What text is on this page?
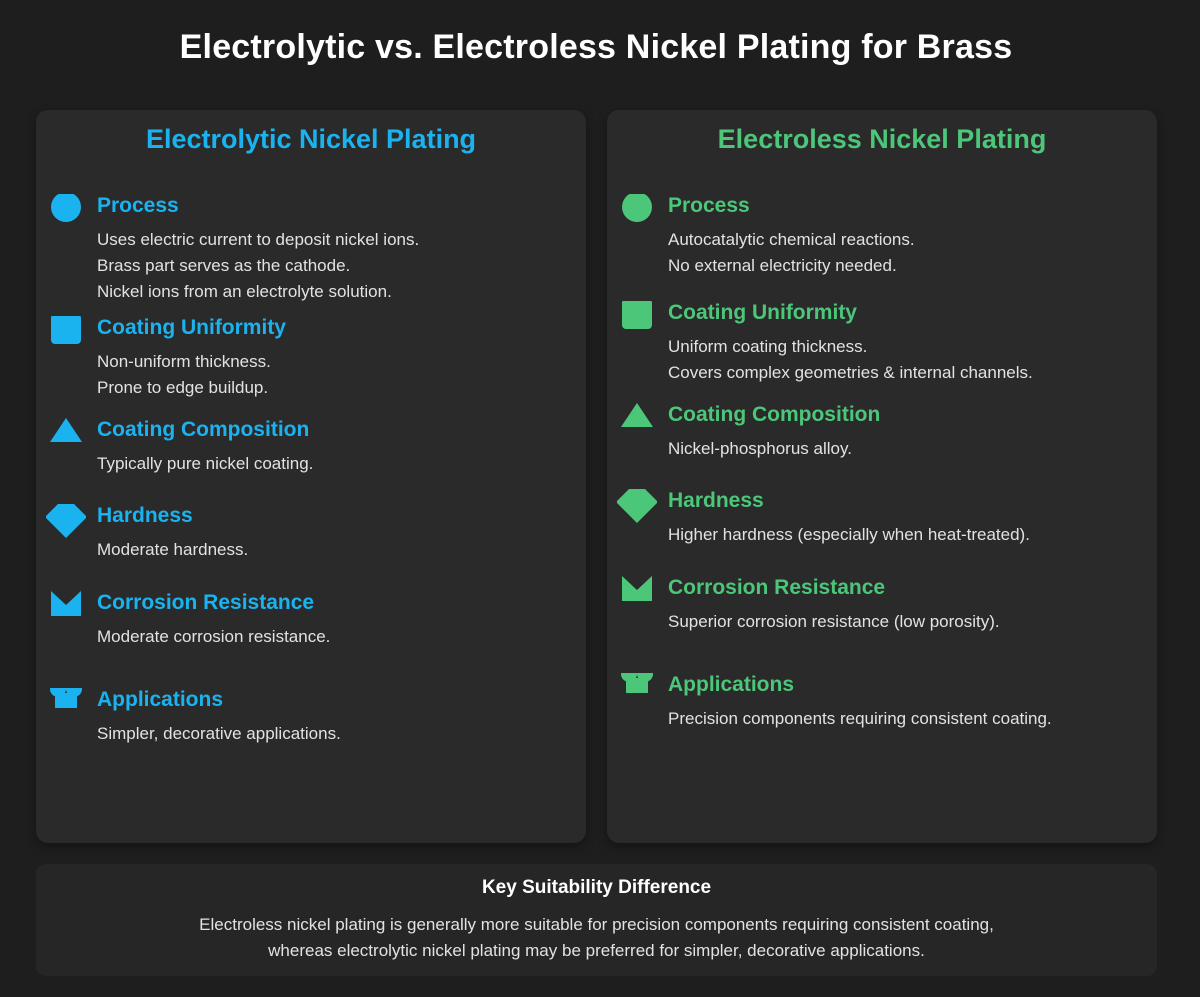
Electrolytic vs. Electroless Nickel Plating for Brass
Electrolytic Nickel Plating
Process
Uses electric current to deposit nickel ions.
Brass part serves as the cathode.
Nickel ions from an electrolyte solution.
Coating Uniformity
Non-uniform thickness.
Prone to edge buildup.
Coating Composition
Typically pure nickel coating.
Hardness
Moderate hardness.
Corrosion Resistance
Moderate corrosion resistance.
Applications
Simpler, decorative applications.
Electroless Nickel Plating
Process
Autocatalytic chemical reactions.
No external electricity needed.
Coating Uniformity
Uniform coating thickness.
Covers complex geometries & internal channels.
Coating Composition
Nickel-phosphorus alloy.
Hardness
Higher hardness (especially when heat-treated).
Corrosion Resistance
Superior corrosion resistance (low porosity).
Applications
Precision components requiring consistent coating.
Key Suitability Difference
Electroless nickel plating is generally more suitable for precision components requiring consistent coating,
whereas electrolytic nickel plating may be preferred for simpler, decorative applications.
